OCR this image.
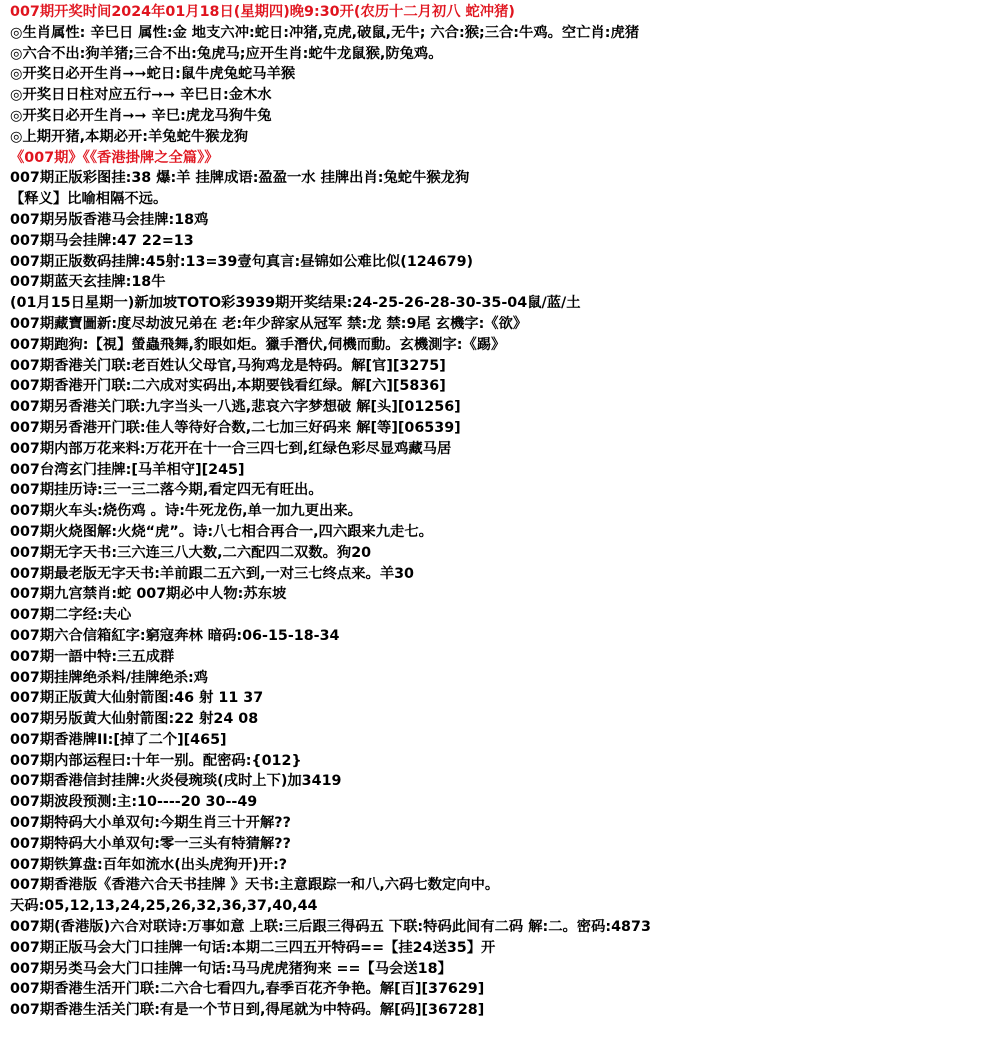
007期开奖时间2024年01月18日(星期四)晚9:30开(农历十二月初八 蛇冲猪)
◎生肖属性: 辛巳日 属性:金 地支六冲:蛇日:冲猪,克虎,破鼠,无牛; 六合:猴;三合:牛鸡。空亡肖:虎猪
◎六合不出:狗羊猪;三合不出:兔虎马;应开生肖:蛇牛龙鼠猴,防兔鸡。
◎开奖日必开生肖➞➞蛇日:鼠牛虎兔蛇马羊猴
◎开奖日日柱对应五行➞➞ 辛巳日:金木水
◎开奖日必开生肖➞➞ 辛巳:虎龙马狗牛兔
◎上期开猪,本期必开:羊兔蛇牛猴龙狗
《007期》《《香港掛牌之全篇》》
007期正版彩图挂:38 爆:羊 挂牌成语:盈盈一水 挂牌出肖:兔蛇牛猴龙狗
【释义】比喻相隔不远。
007期另版香港马会挂牌:18鸡
007期马会挂牌:47 22=13
007期正版数码挂牌:45射:13=39壹句真言:昼锦如公难比似(124679)
007期蓝天玄挂牌:18牛
(01月15日星期一)新加坡TOTO彩3939期开奖结果:24-25-26-28-30-35-04鼠/蓝/土
007期藏寶圖新:度尽劫波兄弟在 老:年少辞家从冠军 禁:龙 禁:9尾 玄機字:《欲》
007期跑狗:【視】螢蟲飛舞,豹眼如炬。獵手潛伏,伺機而動。玄機測字:《踢》
007期香港关门联:老百姓认父母官,马狗鸡龙是特码。解[官][3275]
007期香港开门联:二六成对实码出,本期要钱看红绿。解[六][5836]
007期另香港关门联:九字当头一八逃,悲哀六字梦想破 解[头][01256]
007期另香港开门联:佳人等待好合数,二七加三好码来 解[等][06539]
007期内部万花来料:万花开在十一合三四七到,红绿色彩尽显鸡藏马居
007台湾玄门挂牌:[马羊相守][245]
007期挂历诗:三一三二落今期,看定四无有旺出。
007期火车头:烧伤鸡 。诗:牛死龙伤,单一加九更出来。
007期火烧图解:火烧“虎”。诗:八七相合再合一,四六跟来九走七。
007期无字天书:三六连三八大数,二六配四二双数。狗20
007期最老版无字天书:羊前跟二五六到,一对三七终点来。羊30
007期九宫禁肖:蛇 007期必中人物:苏东坡
007期二字经:夫心
007期六合信箱紅字:窮寇奔林 暗码:06-15-18-34
007期一語中特:三五成群
007期挂牌绝杀料/挂牌绝杀:鸡
007期正版黄大仙射箭图:46 射 11 37
007期另版黄大仙射箭图:22 射24 08
007期香港牌II:[掉了二个][465]
007期内部运程曰:十年一别。配密码:{012}
007期香港信封挂牌:火炎侵琬琰(戌时上下)加3419
007期波段预测:主:10----20 30--49
007期特码大小单双句:今期生肖三十开解??
007期特码大小单双句:零一三头有特猜解??
007期铁算盘:百年如流水(出头虎狗开)开:?
007期香港版《香港六合天书挂牌 》天书:主意跟踪一和八,六码七数定向中。
天码:05,12,13,24,25,26,32,36,37,40,44
007期(香港版)六合对联诗:万事如意 上联:三后跟三得码五 下联:特码此间有二码 解:二。密码:4873
007期正版马会大门口挂牌一句话:本期二三四五开特码==【挂24送35】开
007期另类马会大门口挂牌一句话:马马虎虎猪狗来 ==【马会送18】
007期香港生活开门联:二六合七看四九,春季百花齐争艳。解[百][37629]
007期香港生活关门联:有是一个节日到,得尾就为中特码。解[码][36728]
